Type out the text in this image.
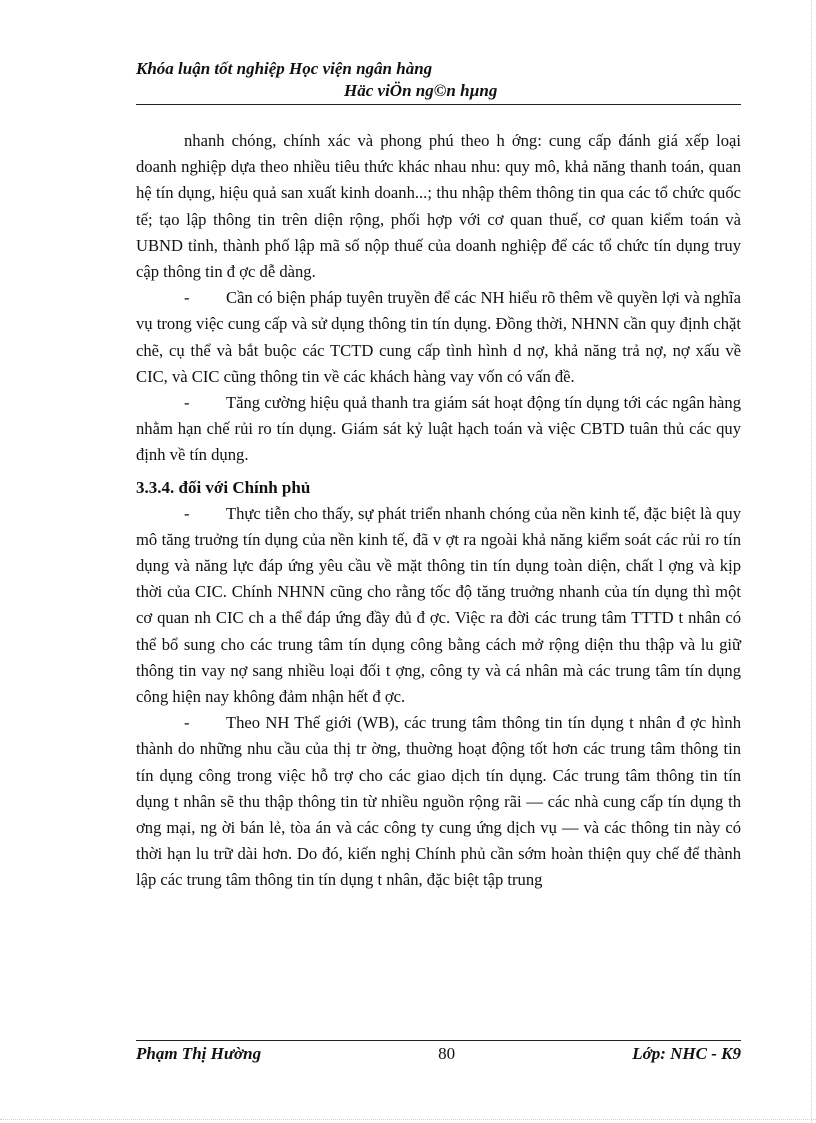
Khóa luận tốt nghiệp Học viện ngân hàng
Häc viÖn ng©n hµng

nhanh chóng, chính xác và phong phú theo h ớng: cung cấp đánh giá xếp loại doanh nghiệp dựa theo nhiều tiêu thức khác nhau nhu: quy mô, khả năng thanh toán, quan hệ tín dụng, hiệu quả san xuất kinh doanh...; thu nhập thêm thông tin qua các tổ chức quốc tế; tạo lập thông tin trên diện rộng, phối hợp với cơ quan thuế, cơ quan kiểm toán và UBND tỉnh, thành phố lập mã số nộp thuế của doanh nghiệp để các tổ chức tín dụng truy cập thông tin đ ợc dễ dàng.

- Cần có biện pháp tuyên truyền để các NH hiểu rõ thêm về quyền lợi và nghĩa vụ trong việc cung cấp và sử dụng thông tin tín dụng. Đồng thời, NHNN cần quy định chặt chẽ, cụ thể và bắt buộc các TCTD cung cấp tình hình d nợ, khả năng trả nợ, nợ xấu về CIC, và CIC cũng thông tin về các khách hàng vay vốn có vấn đề.

- Tăng cường hiệu quả thanh tra giám sát hoạt động tín dụng tới các ngân hàng nhằm hạn chế rủi ro tín dụng. Giám sát kỷ luật hạch toán và việc CBTD tuân thủ các quy định về tín dụng.

3.3.4. đối với Chính phủ

- Thực tiễn cho thấy, sự phát triển nhanh chóng của nền kinh tế, đặc biệt là quy mô tăng truởng tín dụng của nền kinh tế, đã v ợt ra ngoài khả năng kiểm soát các rủi ro tín dụng và năng lực đáp ứng yêu cầu về mặt thông tin tín dụng toàn diện, chất l ợng và kịp thời của CIC. Chính NHNN cũng cho rằng tốc độ tăng truởng nhanh của tín dụng thì một cơ quan nh CIC ch a thể đáp ứng đầy đủ đ ợc. Việc ra đời các trung tâm TTTD t nhân có thể bổ sung cho các trung tâm tín dụng công bằng cách mở rộng diện thu thập và lu giữ thông tin vay nợ sang nhiều loại đối t ợng, công ty và cá nhân mà các trung tâm tín dụng công hiện nay không đảm nhận hết đ ợc.

- Theo NH Thế giới (WB), các trung tâm thông tin tín dụng t nhân đ ợc hình thành do những nhu cầu của thị tr ờng, thuờng hoạt động tốt hơn các trung tâm thông tin tín dụng công trong việc hỗ trợ cho các giao dịch tín dụng. Các trung tâm thông tin tín dụng t nhân sẽ thu thập thông tin từ nhiều nguồn rộng rãi — các nhà cung cấp tín dụng th ơng mại, ng ời bán lẻ, tòa án và các công ty cung ứng dịch vụ — và các thông tin này có thời hạn lu trữ dài hơn. Do đó, kiến nghị Chính phủ cần sớm hoàn thiện quy chế để thành lập các trung tâm thông tin tín dụng t nhân, đặc biệt tập trung

Phạm Thị Hường	80	Lớp: NHC - K9
